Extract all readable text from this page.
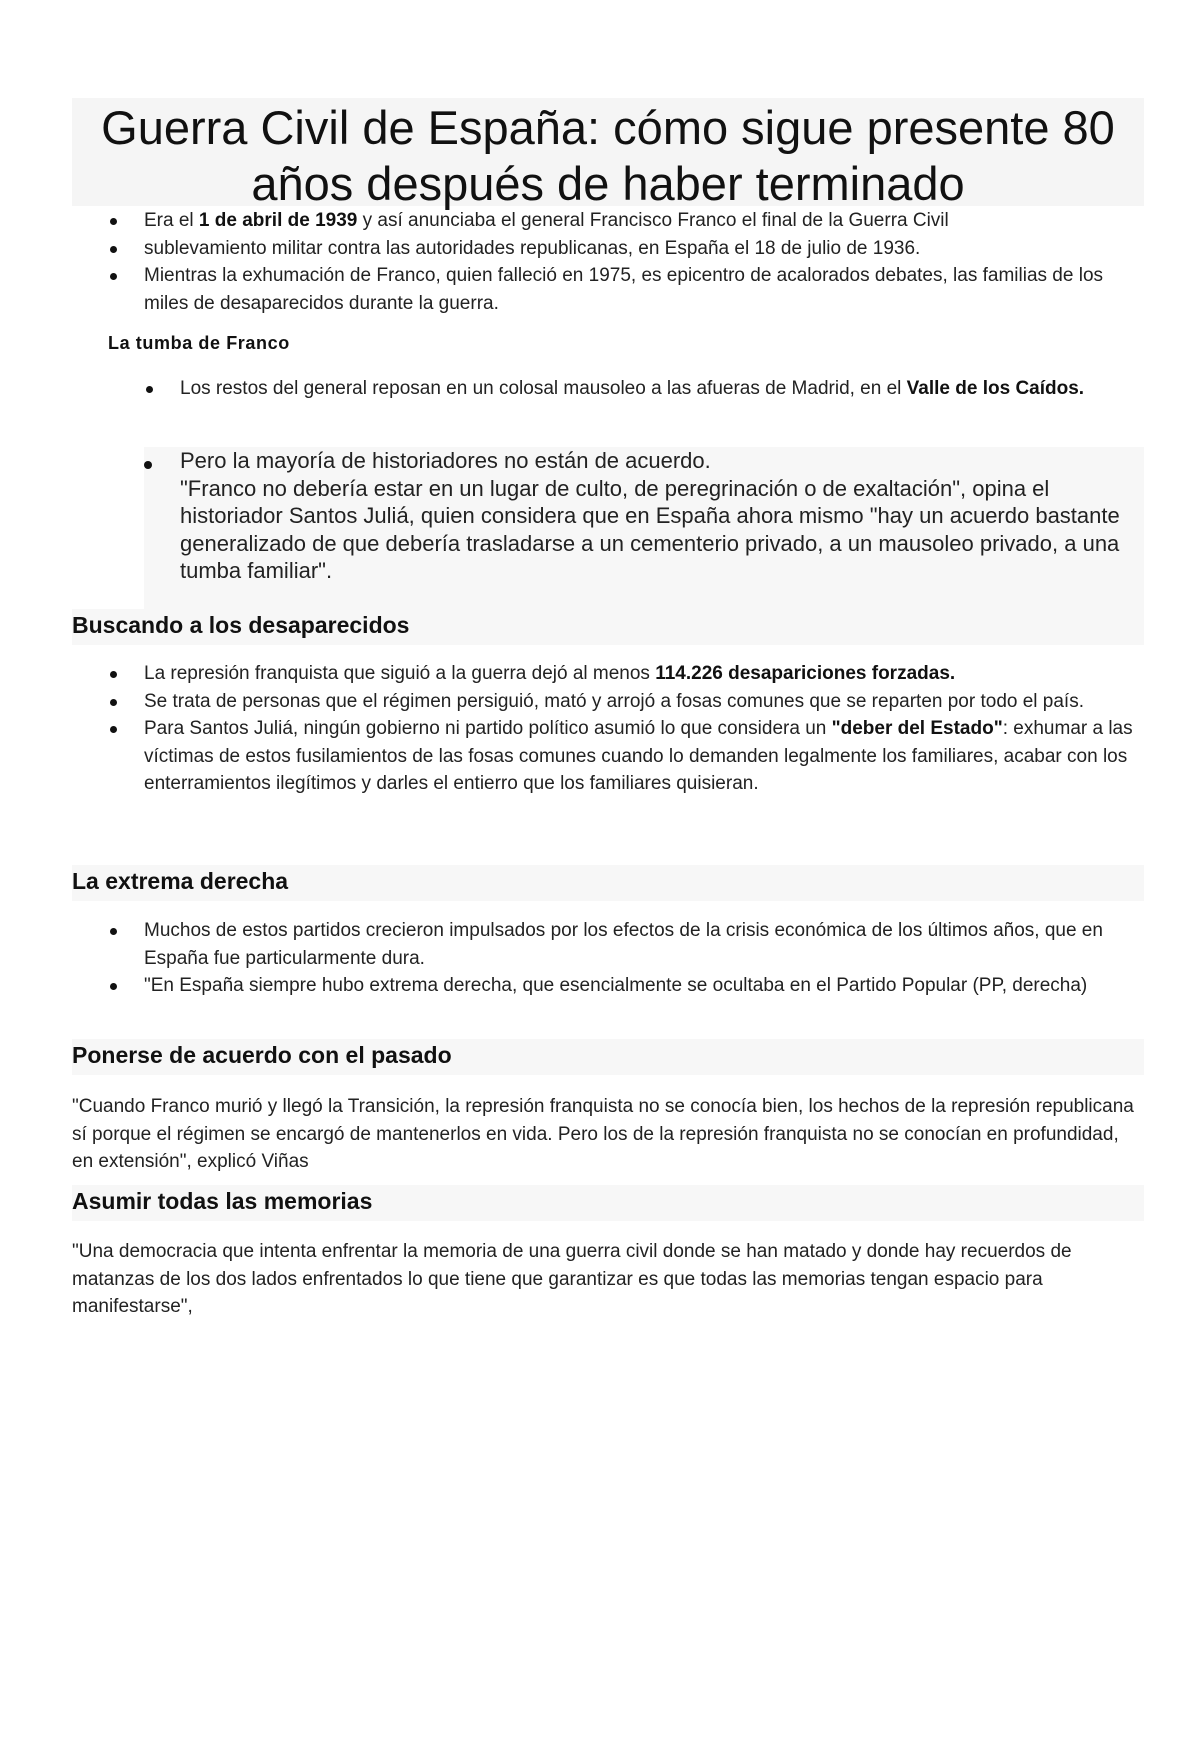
Guerra Civil de España: cómo sigue presente 80 años después de haber terminado
Era el 1 de abril de 1939 y así anunciaba el general Francisco Franco el final de la Guerra Civil
sublevamiento militar contra las autoridades republicanas, en España el 18 de julio de 1936.
Mientras la exhumación de Franco, quien falleció en 1975, es epicentro de acalorados debates, las familias de los miles de desaparecidos durante la guerra.
La tumba de Franco
Los restos del general reposan en un colosal mausoleo a las afueras de Madrid, en el Valle de los Caídos.
Pero la mayoría de historiadores no están de acuerdo.
"Franco no debería estar en un lugar de culto, de peregrinación o de exaltación", opina el historiador Santos Juliá, quien considera que en España ahora mismo "hay un acuerdo bastante generalizado de que debería trasladarse a un cementerio privado, a un mausoleo privado, a una tumba familiar".
Buscando a los desaparecidos
La represión franquista que siguió a la guerra dejó al menos 114.226 desapariciones forzadas.
Se trata de personas que el régimen persiguió, mató y arrojó a fosas comunes que se reparten por todo el país.
Para Santos Juliá, ningún gobierno ni partido político asumió lo que considera un "deber del Estado": exhumar a las víctimas de estos fusilamientos de las fosas comunes cuando lo demanden legalmente los familiares, acabar con los enterramientos ilegítimos y darles el entierro que los familiares quisieran.
La extrema derecha
Muchos de estos partidos crecieron impulsados por los efectos de la crisis económica de los últimos años, que en España fue particularmente dura.
"En España siempre hubo extrema derecha, que esencialmente se ocultaba en el Partido Popular (PP, derecha)
Ponerse de acuerdo con el pasado

"Cuando Franco murió y llegó la Transición, la represión franquista no se conocía bien, los hechos de la represión republicana sí porque el régimen se encargó de mantenerlos en vida. Pero los de la represión franquista no se conocían en profundidad, en extensión", explicó Viñas

Asumir todas las memorias

"Una democracia que intenta enfrentar la memoria de una guerra civil donde se han matado y donde hay recuerdos de matanzas de los dos lados enfrentados lo que tiene que garantizar es que todas las memorias tengan espacio para manifestarse",
